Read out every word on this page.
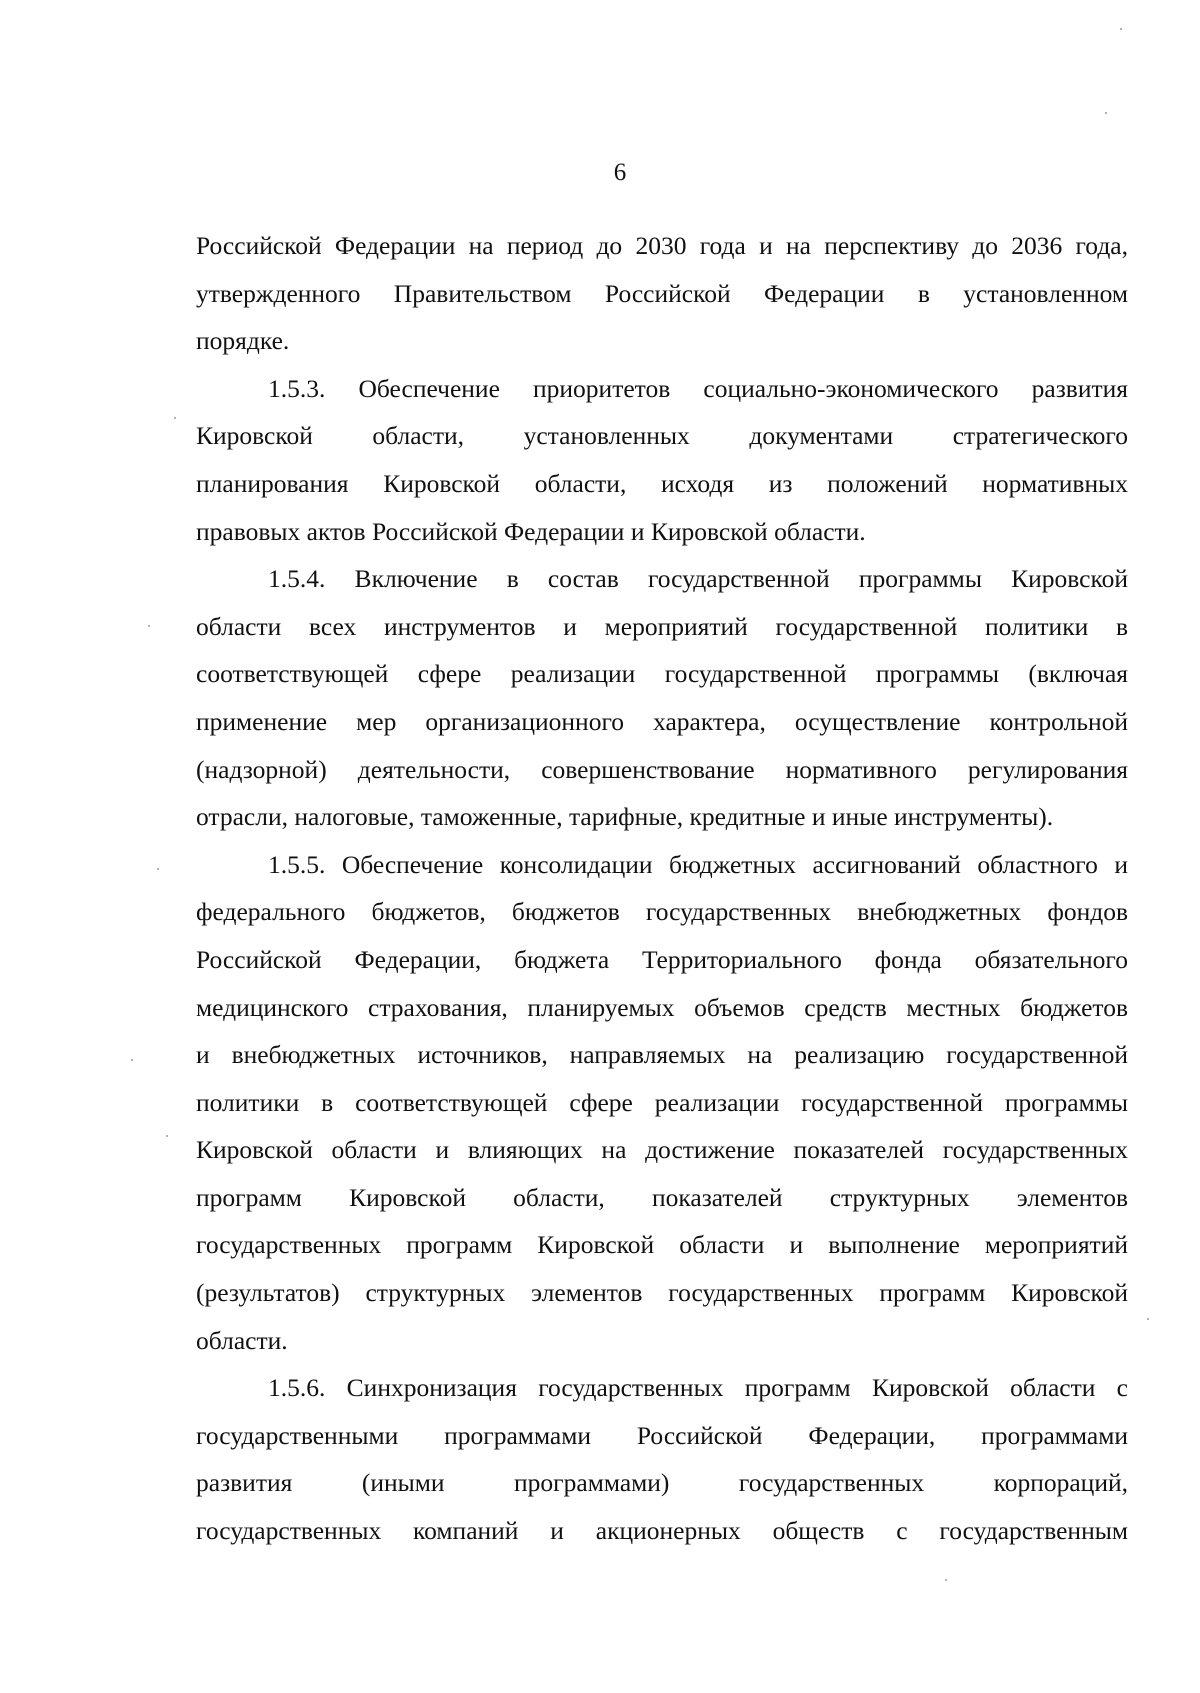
6
Российской Федерации на период до 2030 года и на перспективу до 2036 года,
утвержденного Правительством Российской Федерации в установленном
порядке.
1.5.3. Обеспечение приоритетов социально-экономического развития
Кировской области, установленных документами стратегического
планирования Кировской области, исходя из положений нормативных
правовых актов Российской Федерации и Кировской области.
1.5.4. Включение в состав государственной программы Кировской
области всех инструментов и мероприятий государственной политики в
соответствующей сфере реализации государственной программы (включая
применение мер организационного характера, осуществление контрольной
(надзорной) деятельности, совершенствование нормативного регулирования
отрасли, налоговые, таможенные, тарифные, кредитные и иные инструменты).
1.5.5. Обеспечение консолидации бюджетных ассигнований областного и
федерального бюджетов, бюджетов государственных внебюджетных фондов
Российской Федерации, бюджета Территориального фонда обязательного
медицинского страхования, планируемых объемов средств местных бюджетов
и внебюджетных источников, направляемых на реализацию государственной
политики в соответствующей сфере реализации государственной программы
Кировской области и влияющих на достижение показателей государственных
программ Кировской области, показателей структурных элементов
государственных программ Кировской области и выполнение мероприятий
(результатов) структурных элементов государственных программ Кировской
области.
1.5.6. Синхронизация государственных программ Кировской области с
государственными программами Российской Федерации, программами
развития (иными программами) государственных корпораций,
государственных компаний и акционерных обществ с государственным
